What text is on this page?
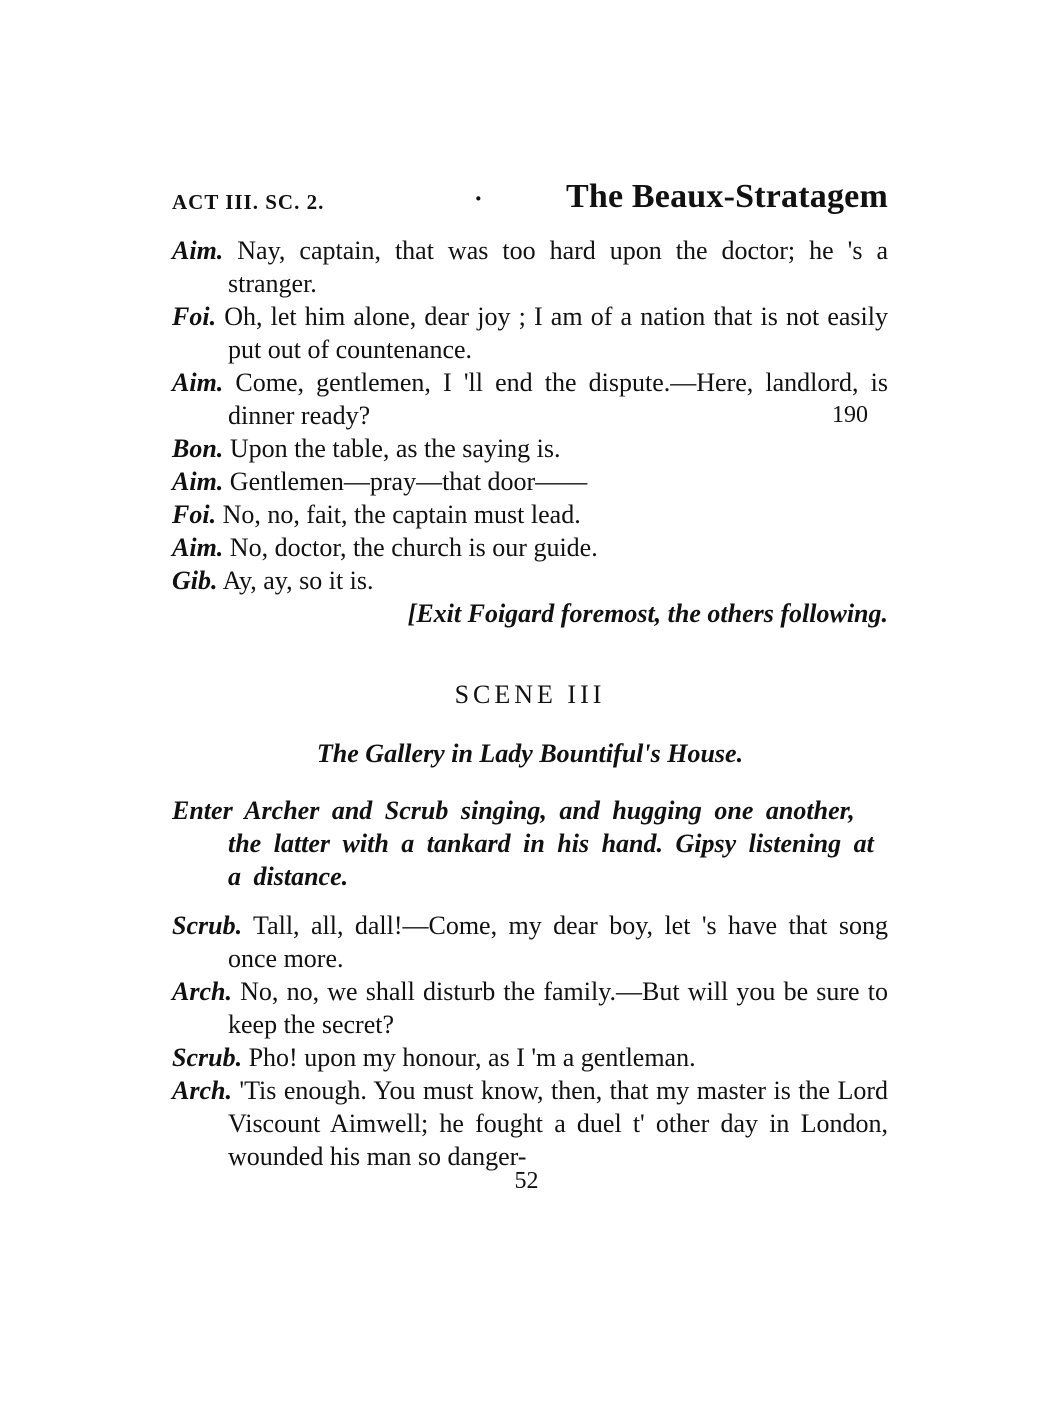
ACT III. SC. 2.	· The Beaux-Stratagem
Aim. Nay, captain, that was too hard upon the doctor; he 's a stranger.
Foi. Oh, let him alone, dear joy ; I am of a nation that is not easily put out of countenance.
Aim. Come, gentlemen, I 'll end the dispute.—Here, landlord, is dinner ready?	190
Bon. Upon the table, as the saying is.
Aim. Gentlemen—pray—that door——
Foi. No, no, fait, the captain must lead.
Aim. No, doctor, the church is our guide.
Gib. Ay, ay, so it is.
[Exit Foigard foremost, the others following.
SCENE III
The Gallery in Lady Bountiful's House.
Enter Archer and Scrub singing, and hugging one another, the latter with a tankard in his hand. Gipsy listening at a distance.
Scrub. Tall, all, dall!—Come, my dear boy, let 's have that song once more.
Arch. No, no, we shall disturb the family.—But will you be sure to keep the secret?
Scrub. Pho! upon my honour, as I 'm a gentleman.
Arch. 'Tis enough. You must know, then, that my master is the Lord Viscount Aimwell; he fought a duel t' other day in London, wounded his man so danger-
52
